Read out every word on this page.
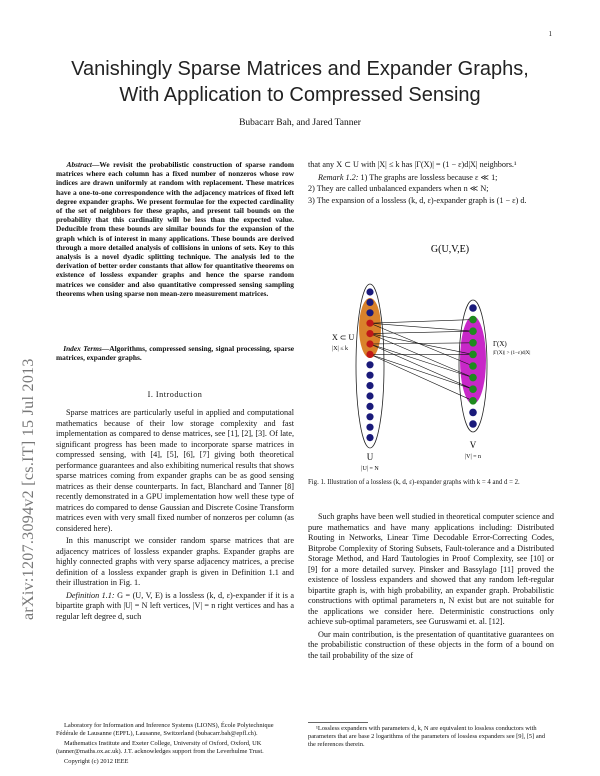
1
arXiv:1207.3094v2 [cs.IT] 15 Jul 2013
Vanishingly Sparse Matrices and Expander Graphs,
With Application to Compressed Sensing
Bubacarr Bah, and Jared Tanner
Abstract—We revisit the probabilistic construction of sparse random matrices where each column has a fixed number of nonzeros whose row indices are drawn uniformly at random with replacement. These matrices have a one-to-one correspondence with the adjacency matrices of fixed left degree expander graphs. We present formulae for the expected cardinality of the set of neighbors for these graphs, and present tail bounds on the probability that this cardinality will be less than the expected value. Deducible from these bounds are similar bounds for the expansion of the graph which is of interest in many applications. These bounds are derived through a more detailed analysis of collisions in unions of sets. Key to this analysis is a novel dyadic splitting technique. The analysis led to the derivation of better order constants that allow for quantitative theorems on existence of lossless expander graphs and hence the sparse random matrices we consider and also quantitative compressed sensing sampling theorems when using sparse non mean-zero measurement matrices.
Index Terms—Algorithms, compressed sensing, signal processing, sparse matrices, expander graphs.
I. Introduction

Sparse matrices are particularly useful in applied and computational mathematics because of their low storage complexity and fast implementation as compared to dense matrices, see [1], [2], [3]. Of late, significant progress has been made to incorporate sparse matrices in compressed sensing, with [4], [5], [6], [7] giving both theoretical performance guarantees and also exhibiting numerical results that shows sparse matrices coming from expander graphs can be as good sensing matrices as their dense counterparts. In fact, Blanchard and Tanner [8] recently demonstrated in a GPU implementation how well these type of matrices do compared to dense Gaussian and Discrete Cosine Transform matrices even with very small fixed number of nonzeros per column (as considered here).

In this manuscript we consider random sparse matrices that are adjacency matrices of lossless expander graphs. Expander graphs are highly connected graphs with very sparse adjacency matrices, a precise definition of a lossless expander graph is given in Definition 1.1 and their illustration in Fig. 1.

Definition 1.1: G = (U, V, E) is a lossless (k, d, ε)-expander if it is a bipartite graph with |U| = N left vertices, |V| = n right vertices and has a regular left degree d, such

Laboratory for Information and Inference Systems (LIONS), École Polytechnique Fédérale de Lausanne (EPFL), Lausanne, Switzerland (bubacarr.bah@epfl.ch).

Mathematics Institute and Exeter College, University of Oxford, Oxford, UK (tanner@maths.ox.ac.uk). J.T. acknowledges support from the Leverhulme Trust.

Copyright (c) 2012 IEEE

that any X ⊂ U with |X| ≤ k has |Γ(X)| = (1 − ε)d|X| neighbors.¹

Remark 1.2: 1) The graphs are lossless because ε ≪ 1;

2) They are called unbalanced expanders when n ≪ N;

3) The expansion of a lossless (k, d, ε)-expander graph is (1 − ε) d.

G(U,V,E)
X ⊂ U
|X| ≤ k
Γ(X)
|Γ(X)| > (1−ε)d|X|
U
|U| = N
V
|V| = n
Fig. 1. Illustration of a lossless (k, d, ε)-expander graphs with k = 4 and d = 2.

Such graphs have been well studied in theoretical computer science and pure mathematics and have many applications including: Distributed Routing in Networks, Linear Time Decodable Error-Correcting Codes, Bitprobe Complexity of Storing Subsets, Fault-tolerance and a Distributed Storage Method, and Hard Tautologies in Proof Complexity, see [10] or [9] for a more detailed survey. Pinsker and Bassylago [11] proved the existence of lossless expanders and showed that any random left-regular bipartite graph is, with high probability, an expander graph. Probabilistic constructions with optimal parameters n, N exist but are not suitable for the applications we consider here. Deterministic constructions only achieve sub-optimal parameters, see Guruswami et. al. [12].

Our main contribution, is the presentation of quantitative guarantees on the probabilistic construction of these objects in the form of a bound on the tail probability of the size of

¹Lossless expanders with parameters d, k, N are equivalent to lossless conductors with parameters that are base 2 logarithms of the parameters of lossless expanders see [9], [5] and the references therein.
